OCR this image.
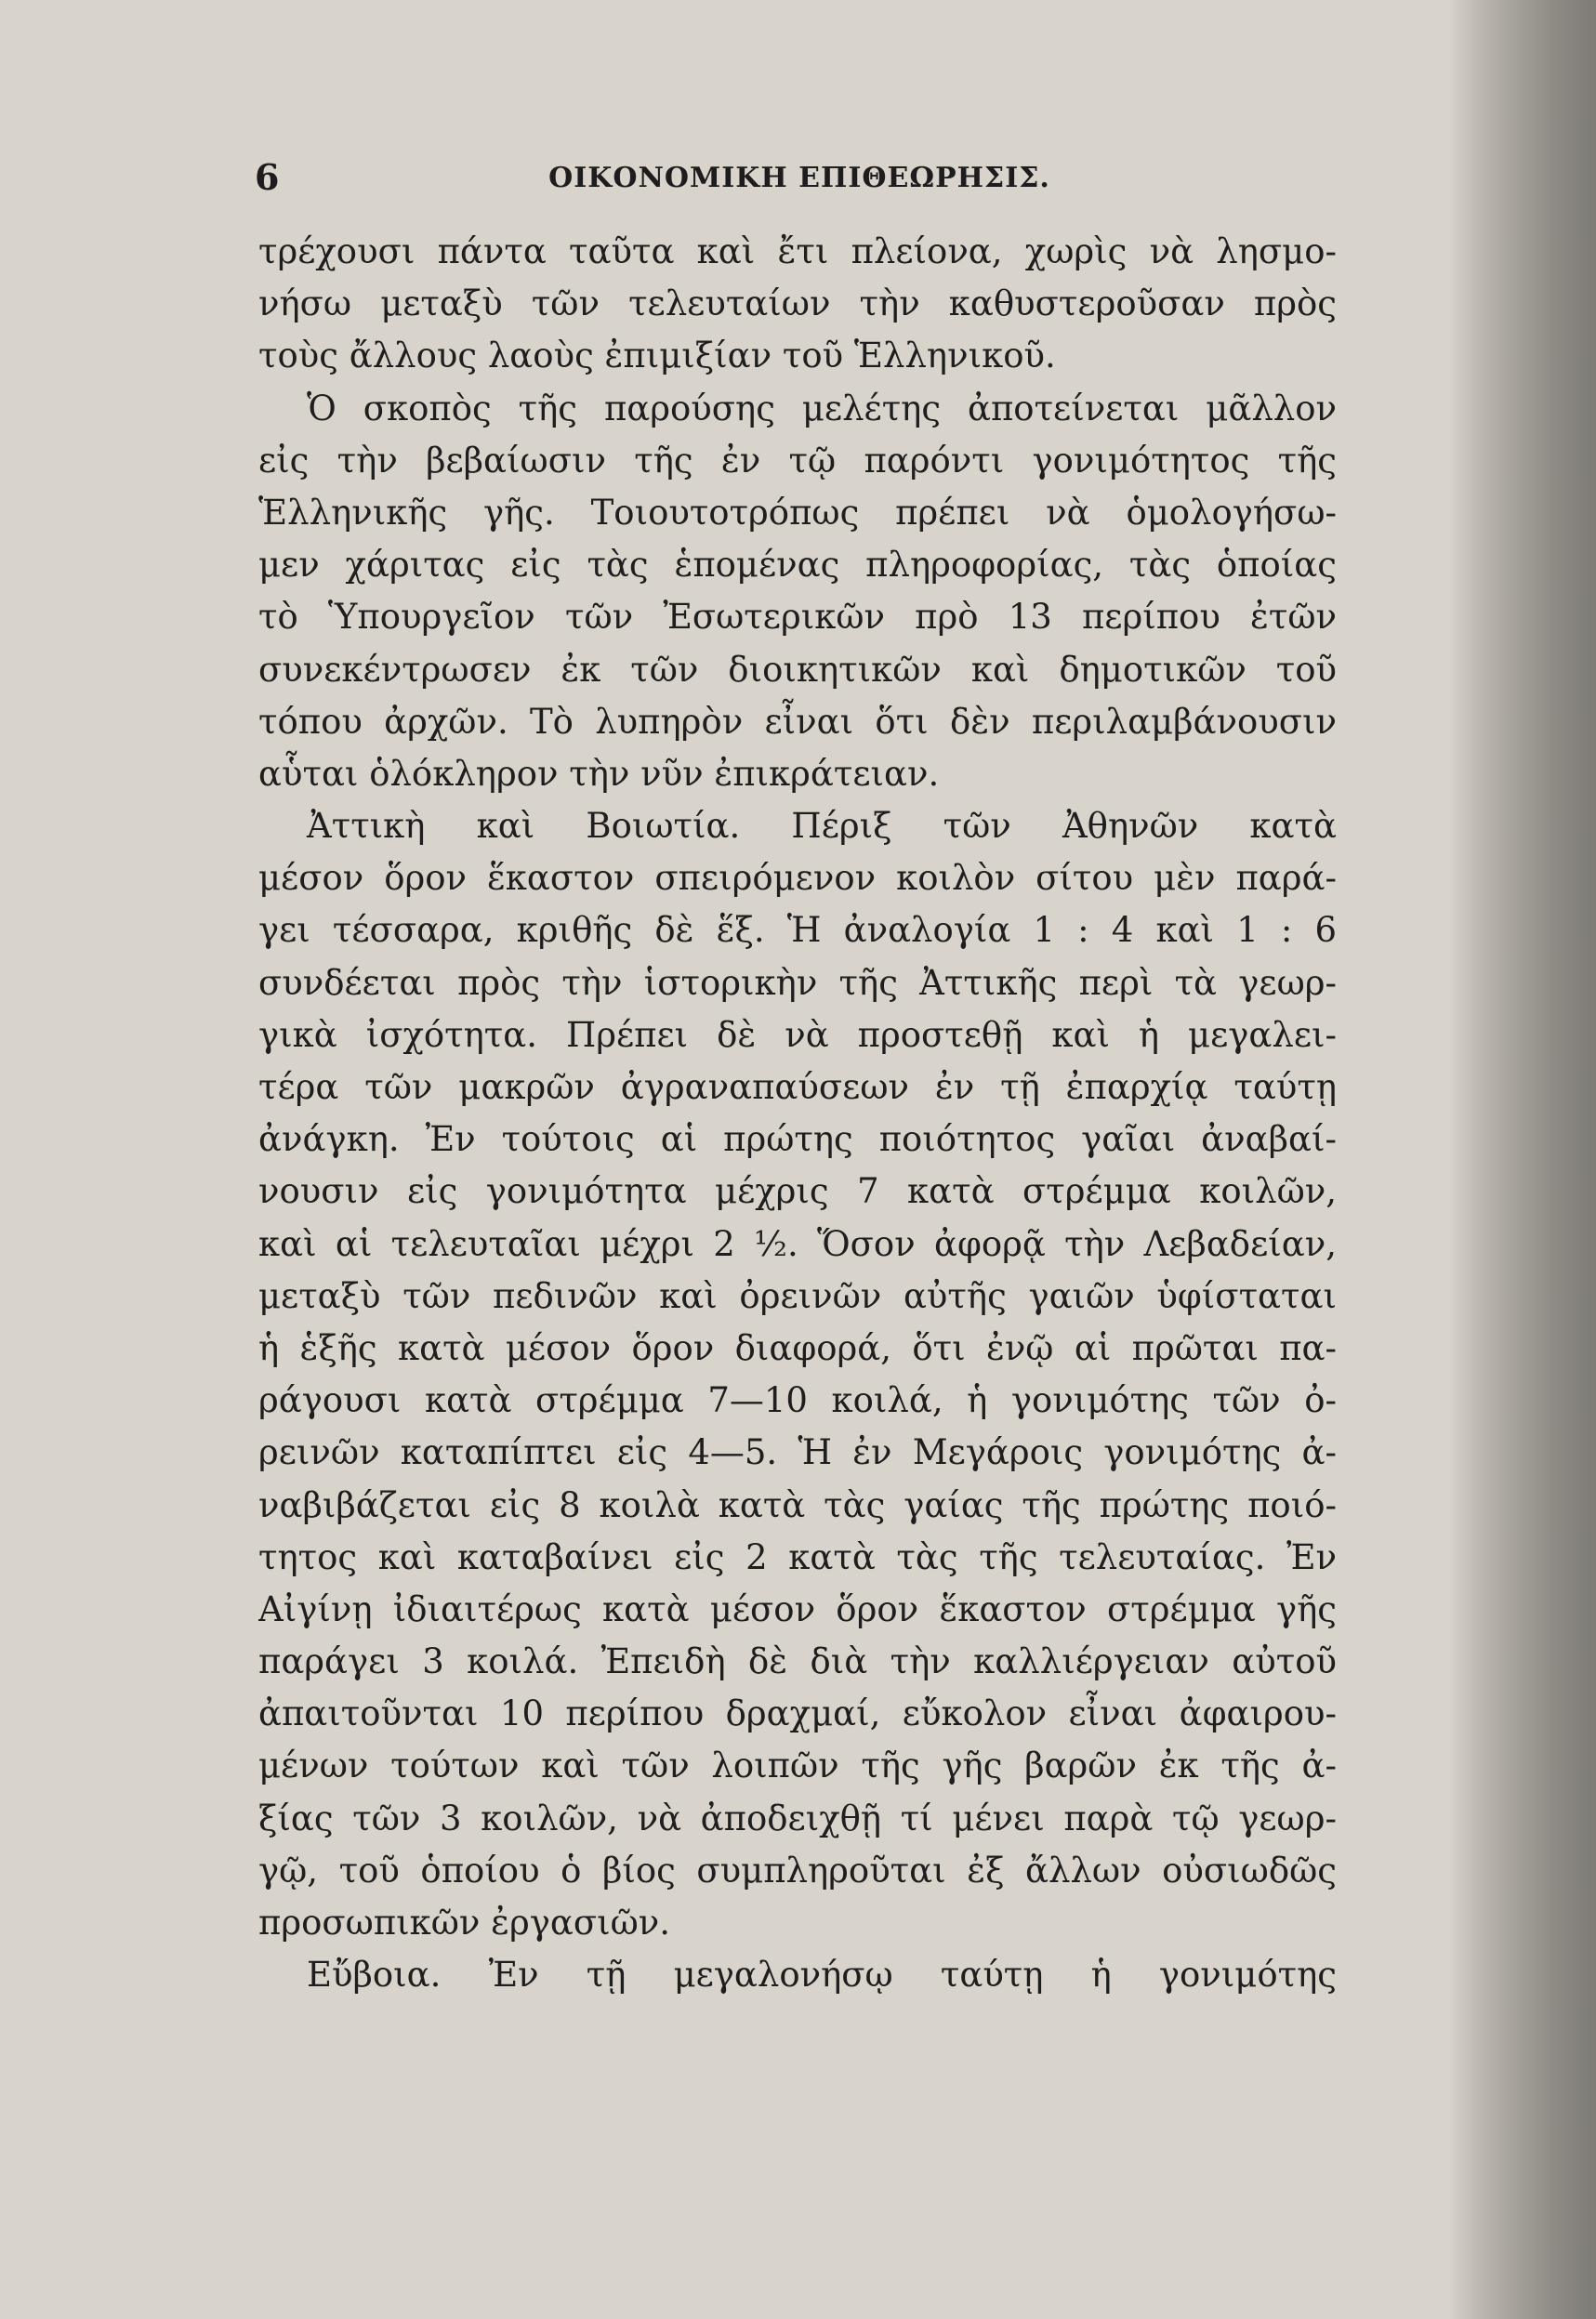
6	ΟΙΚΟΝΟΜΙΚΗ ΕΠΙΘΕΩΡΗΣΙΣ.
τρέχουσι πάντα ταῦτα καὶ ἔτι πλείονα, χωρὶς νὰ λησμο-
νήσω μεταξὺ τῶν τελευταίων τὴν καθυστεροῦσαν πρὸς
τοὺς ἄλλους λαοὺς ἐπιμιξίαν τοῦ Ἑλληνικοῦ.
Ὁ σκοπὸς τῆς παρούσης μελέτης ἀποτείνεται μᾶλλον
εἰς τὴν βεβαίωσιν τῆς ἐν τῷ παρόντι γονιμότητος τῆς
Ἑλληνικῆς γῆς. Τοιουτοτρόπως πρέπει νὰ ὁμολογήσω-
μεν χάριτας εἰς τὰς ἑπομένας πληροφορίας, τὰς ὁποίας
τὸ Ὑπουργεῖον τῶν Ἐσωτερικῶν πρὸ 13 περίπου ἐτῶν
συνεκέντρωσεν ἐκ τῶν διοικητικῶν καὶ δημοτικῶν τοῦ
τόπου ἀρχῶν. Τὸ λυπηρὸν εἶναι ὅτι δὲν περιλαμβάνουσιν
αὗται ὁλόκληρον τὴν νῦν ἐπικράτειαν.
Ἀττικὴ καὶ Βοιωτία. Πέριξ τῶν Ἀθηνῶν κατὰ
μέσον ὅρον ἕκαστον σπειρόμενον κοιλὸν σίτου μὲν παρά-
γει τέσσαρα, κριθῆς δὲ ἕξ. Ἡ ἀναλογία 1 : 4 καὶ 1 : 6
συνδέεται πρὸς τὴν ἱστορικὴν τῆς Ἀττικῆς περὶ τὰ γεωρ-
γικὰ ἰσχότητα. Πρέπει δὲ νὰ προστεθῇ καὶ ἡ μεγαλει-
τέρα τῶν μακρῶν ἀγραναπαύσεων ἐν τῇ ἐπαρχίᾳ ταύτῃ
ἀνάγκη. Ἐν τούτοις αἱ πρώτης ποιότητος γαῖαι ἀναβαί-
νουσιν εἰς γονιμότητα μέχρις 7 κατὰ στρέμμα κοιλῶν,
καὶ αἱ τελευταῖαι μέχρι 2 ½. Ὅσον ἀφορᾷ τὴν Λεβαδείαν,
μεταξὺ τῶν πεδινῶν καὶ ὀρεινῶν αὐτῆς γαιῶν ὑφίσταται
ἡ ἑξῆς κατὰ μέσον ὅρον διαφορά, ὅτι ἐνῷ αἱ πρῶται πα-
ράγουσι κατὰ στρέμμα 7—10 κοιλά, ἡ γονιμότης τῶν ὀ-
ρεινῶν καταπίπτει εἰς 4—5. Ἡ ἐν Μεγάροις γονιμότης ἀ-
ναβιβάζεται εἰς 8 κοιλὰ κατὰ τὰς γαίας τῆς πρώτης ποιό-
τητος καὶ καταβαίνει εἰς 2 κατὰ τὰς τῆς τελευταίας. Ἐν
Αἰγίνῃ ἰδιαιτέρως κατὰ μέσον ὅρον ἕκαστον στρέμμα γῆς
παράγει 3 κοιλά. Ἐπειδὴ δὲ διὰ τὴν καλλιέργειαν αὐτοῦ
ἀπαιτοῦνται 10 περίπου δραχμαί, εὔκολον εἶναι ἀφαιρου-
μένων τούτων καὶ τῶν λοιπῶν τῆς γῆς βαρῶν ἐκ τῆς ἀ-
ξίας τῶν 3 κοιλῶν, νὰ ἀποδειχθῇ τί μένει παρὰ τῷ γεωρ-
γῷ, τοῦ ὁποίου ὁ βίος συμπληροῦται ἐξ ἄλλων οὐσιωδῶς
προσωπικῶν ἐργασιῶν.
Εὔβοια. Ἐν τῇ μεγαλονήσῳ ταύτῃ ἡ γονιμότης
